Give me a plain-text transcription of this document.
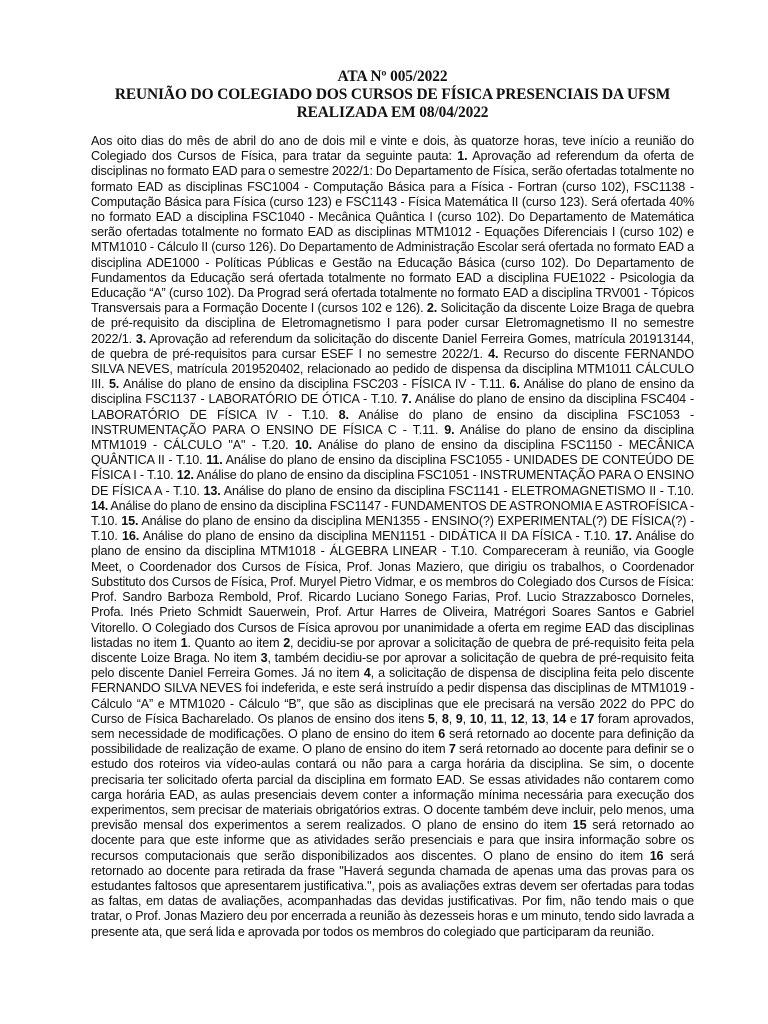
ATA Nº 005/2022
REUNIÃO DO COLEGIADO DOS CURSOS DE FÍSICA PRESENCIAIS DA UFSM
REALIZADA EM 08/04/2022
Aos oito dias do mês de abril do ano de dois mil e vinte e dois, às quatorze horas, teve início a reunião do Colegiado dos Cursos de Física, para tratar da seguinte pauta: 1. Aprovação ad referendum da oferta de disciplinas no formato EAD para o semestre 2022/1: Do Departamento de Física, serão ofertadas totalmente no formato EAD as disciplinas FSC1004 - Computação Básica para a Física - Fortran (curso 102), FSC1138 - Computação Básica para Física (curso 123) e FSC1143 - Física Matemática II (curso 123). Será ofertada 40% no formato EAD a disciplina FSC1040 - Mecânica Quântica I (curso 102). Do Departamento de Matemática serão ofertadas totalmente no formato EAD as disciplinas MTM1012 - Equações Diferenciais I (curso 102) e MTM1010 - Cálculo II (curso 126). Do Departamento de Administração Escolar será ofertada no formato EAD a disciplina ADE1000 - Políticas Públicas e Gestão na Educação Básica (curso 102). Do Departamento de Fundamentos da Educação será ofertada totalmente no formato EAD a disciplina FUE1022 - Psicologia da Educação “A” (curso 102). Da Prograd será ofertada totalmente no formato EAD a disciplina TRV001 - Tópicos Transversais para a Formação Docente I (cursos 102 e 126). 2. Solicitação da discente Loize Braga de quebra de pré-requisito da disciplina de Eletromagnetismo I para poder cursar Eletromagnetismo II no semestre 2022/1. 3. Aprovação ad referendum da solicitação do discente Daniel Ferreira Gomes, matrícula 201913144, de quebra de pré-requisitos para cursar ESEF I no semestre 2022/1. 4. Recurso do discente FERNANDO SILVA NEVES, matrícula 2019520402, relacionado ao pedido de dispensa da disciplina MTM1011 CÁLCULO III. 5. Análise do plano de ensino da disciplina FSC203 - FÍSICA IV - T.11. 6. Análise do plano de ensino da disciplina FSC1137 - LABORATÓRIO DE ÓTICA - T.10. 7. Análise do plano de ensino da disciplina FSC404 - LABORATÓRIO DE FÍSICA IV - T.10. 8. Análise do plano de ensino da disciplina FSC1053 - INSTRUMENTAÇÃO PARA O ENSINO DE FÍSICA C - T.11. 9. Análise do plano de ensino da disciplina MTM1019 - CÁLCULO "A" - T.20. 10. Análise do plano de ensino da disciplina FSC1150 - MECÂNICA QUÂNTICA II - T.10. 11. Análise do plano de ensino da disciplina FSC1055 - UNIDADES DE CONTEÚDO DE FÍSICA I - T.10. 12. Análise do plano de ensino da disciplina FSC1051 - INSTRUMENTAÇÃO PARA O ENSINO DE FÍSICA A - T.10. 13. Análise do plano de ensino da disciplina FSC1141 - ELETROMAGNETISMO II - T.10. 14. Análise do plano de ensino da disciplina FSC1147 - FUNDAMENTOS DE ASTRONOMIA E ASTROFÍSICA - T.10. 15. Análise do plano de ensino da disciplina MEN1355 - ENSINO(?) EXPERIMENTAL(?) DE FÍSICA(?) - T.10. 16. Análise do plano de ensino da disciplina MEN1151 - DIDÁTICA II DA FÍSICA - T.10. 17. Análise do plano de ensino da disciplina MTM1018 - ÁLGEBRA LINEAR - T.10. Compareceram à reunião, via Google Meet, o Coordenador dos Cursos de Física, Prof. Jonas Maziero, que dirigiu os trabalhos, o Coordenador Substituto dos Cursos de Física, Prof. Muryel Pietro Vidmar, e os membros do Colegiado dos Cursos de Física: Prof. Sandro Barboza Rembold, Prof. Ricardo Luciano Sonego Farias, Prof. Lucio Strazzabosco Dorneles, Profa. Inés Prieto Schmidt Sauerwein, Prof. Artur Harres de Oliveira, Matrégori Soares Santos e Gabriel Vitorello. O Colegiado dos Cursos de Física aprovou por unanimidade a oferta em regime EAD das disciplinas listadas no item 1. Quanto ao item 2, decidiu-se por aprovar a solicitação de quebra de pré-requisito feita pela discente Loize Braga. No item 3, também decidiu-se por aprovar a solicitação de quebra de pré-requisito feita pelo discente Daniel Ferreira Gomes. Já no item 4, a solicitação de dispensa de disciplina feita pelo discente FERNANDO SILVA NEVES foi indeferida, e este será instruído a pedir dispensa das disciplinas de MTM1019 - Cálculo “A” e MTM1020 - Cálculo “B”, que são as disciplinas que ele precisará na versão 2022 do PPC do Curso de Física Bacharelado. Os planos de ensino dos itens 5, 8, 9, 10, 11, 12, 13, 14 e 17 foram aprovados, sem necessidade de modificações. O plano de ensino do item 6 será retornado ao docente para definição da possibilidade de realização de exame. O plano de ensino do item 7 será retornado ao docente para definir se o estudo dos roteiros via vídeo-aulas contará ou não para a carga horária da disciplina. Se sim, o docente precisaria ter solicitado oferta parcial da disciplina em formato EAD. Se essas atividades não contarem como carga horária EAD, as aulas presenciais devem conter a informação mínima necessária para execução dos experimentos, sem precisar de materiais obrigatórios extras. O docente também deve incluir, pelo menos, uma previsão mensal dos experimentos a serem realizados. O plano de ensino do item 15 será retornado ao docente para que este informe que as atividades serão presenciais e para que insira informação sobre os recursos computacionais que serão disponibilizados aos discentes. O plano de ensino do item 16 será retornado ao docente para retirada da frase "Haverá segunda chamada de apenas uma das provas para os estudantes faltosos que apresentarem justificativa.", pois as avaliações extras devem ser ofertadas para todas as faltas, em datas de avaliações, acompanhadas das devidas justificativas. Por fim, não tendo mais o que tratar, o Prof. Jonas Maziero deu por encerrada a reunião às dezesseis horas e um minuto, tendo sido lavrada a presente ata, que será lida e aprovada por todos os membros do colegiado que participaram da reunião.
